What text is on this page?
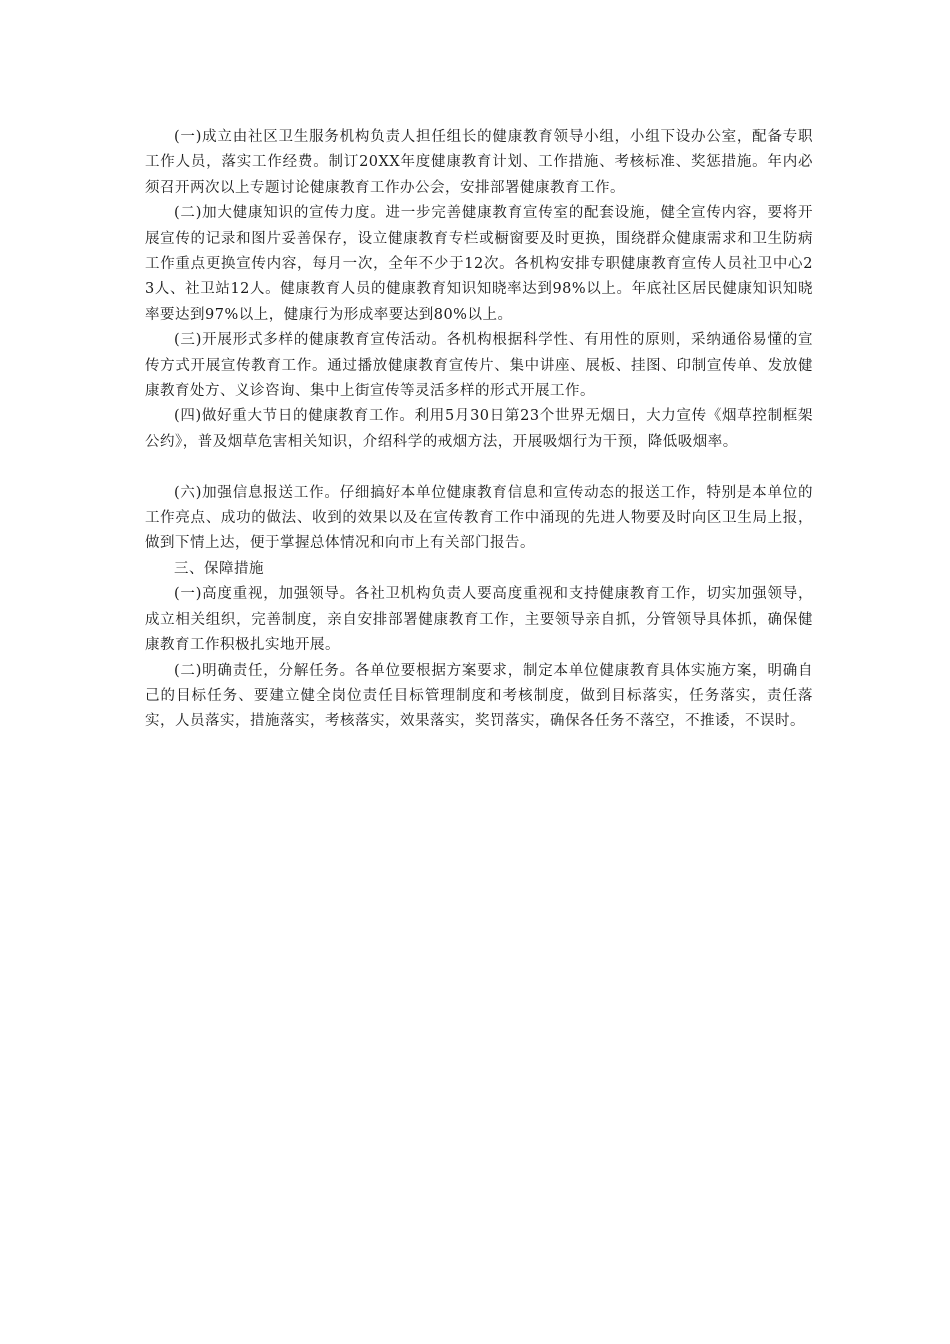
(一)成立由社区卫生服务机构负责人担任组长的健康教育领导小组，小组下设办公室，配备专职工作人员，落实工作经费。制订20XX年度健康教育计划、工作措施、考核标准、奖惩措施。年内必须召开两次以上专题讨论健康教育工作办公会，安排部署健康教育工作。

(二)加大健康知识的宣传力度。进一步完善健康教育宣传室的配套设施，健全宣传内容，要将开展宣传的记录和图片妥善保存，设立健康教育专栏或橱窗要及时更换，围绕群众健康需求和卫生防病工作重点更换宣传内容，每月一次，全年不少于12次。各机构安排专职健康教育宣传人员社卫中心23人、社卫站12人。健康教育人员的健康教育知识知晓率达到98%以上。年底社区居民健康知识知晓率要达到97%以上，健康行为形成率要达到80%以上。

(三)开展形式多样的健康教育宣传活动。各机构根据科学性、有用性的原则，采纳通俗易懂的宣传方式开展宣传教育工作。通过播放健康教育宣传片、集中讲座、展板、挂图、印制宣传单、发放健康教育处方、义诊咨询、集中上街宣传等灵活多样的形式开展工作。

(四)做好重大节日的健康教育工作。利用5月30日第23个世界无烟日，大力宣传《烟草控制框架公约》，普及烟草危害相关知识，介绍科学的戒烟方法，开展吸烟行为干预，降低吸烟率。

(六)加强信息报送工作。仔细搞好本单位健康教育信息和宣传动态的报送工作，特别是本单位的工作亮点、成功的做法、收到的效果以及在宣传教育工作中涌现的先进人物要及时向区卫生局上报，做到下情上达，便于掌握总体情况和向市上有关部门报告。

三、保障措施

(一)高度重视，加强领导。各社卫机构负责人要高度重视和支持健康教育工作，切实加强领导，成立相关组织，完善制度，亲自安排部署健康教育工作，主要领导亲自抓，分管领导具体抓，确保健康教育工作积极扎实地开展。

(二)明确责任，分解任务。各单位要根据方案要求，制定本单位健康教育具体实施方案，明确自己的目标任务、要建立健全岗位责任目标管理制度和考核制度，做到目标落实，任务落实，责任落实，人员落实，措施落实，考核落实，效果落实，奖罚落实，确保各任务不落空，不推诿，不误时。
